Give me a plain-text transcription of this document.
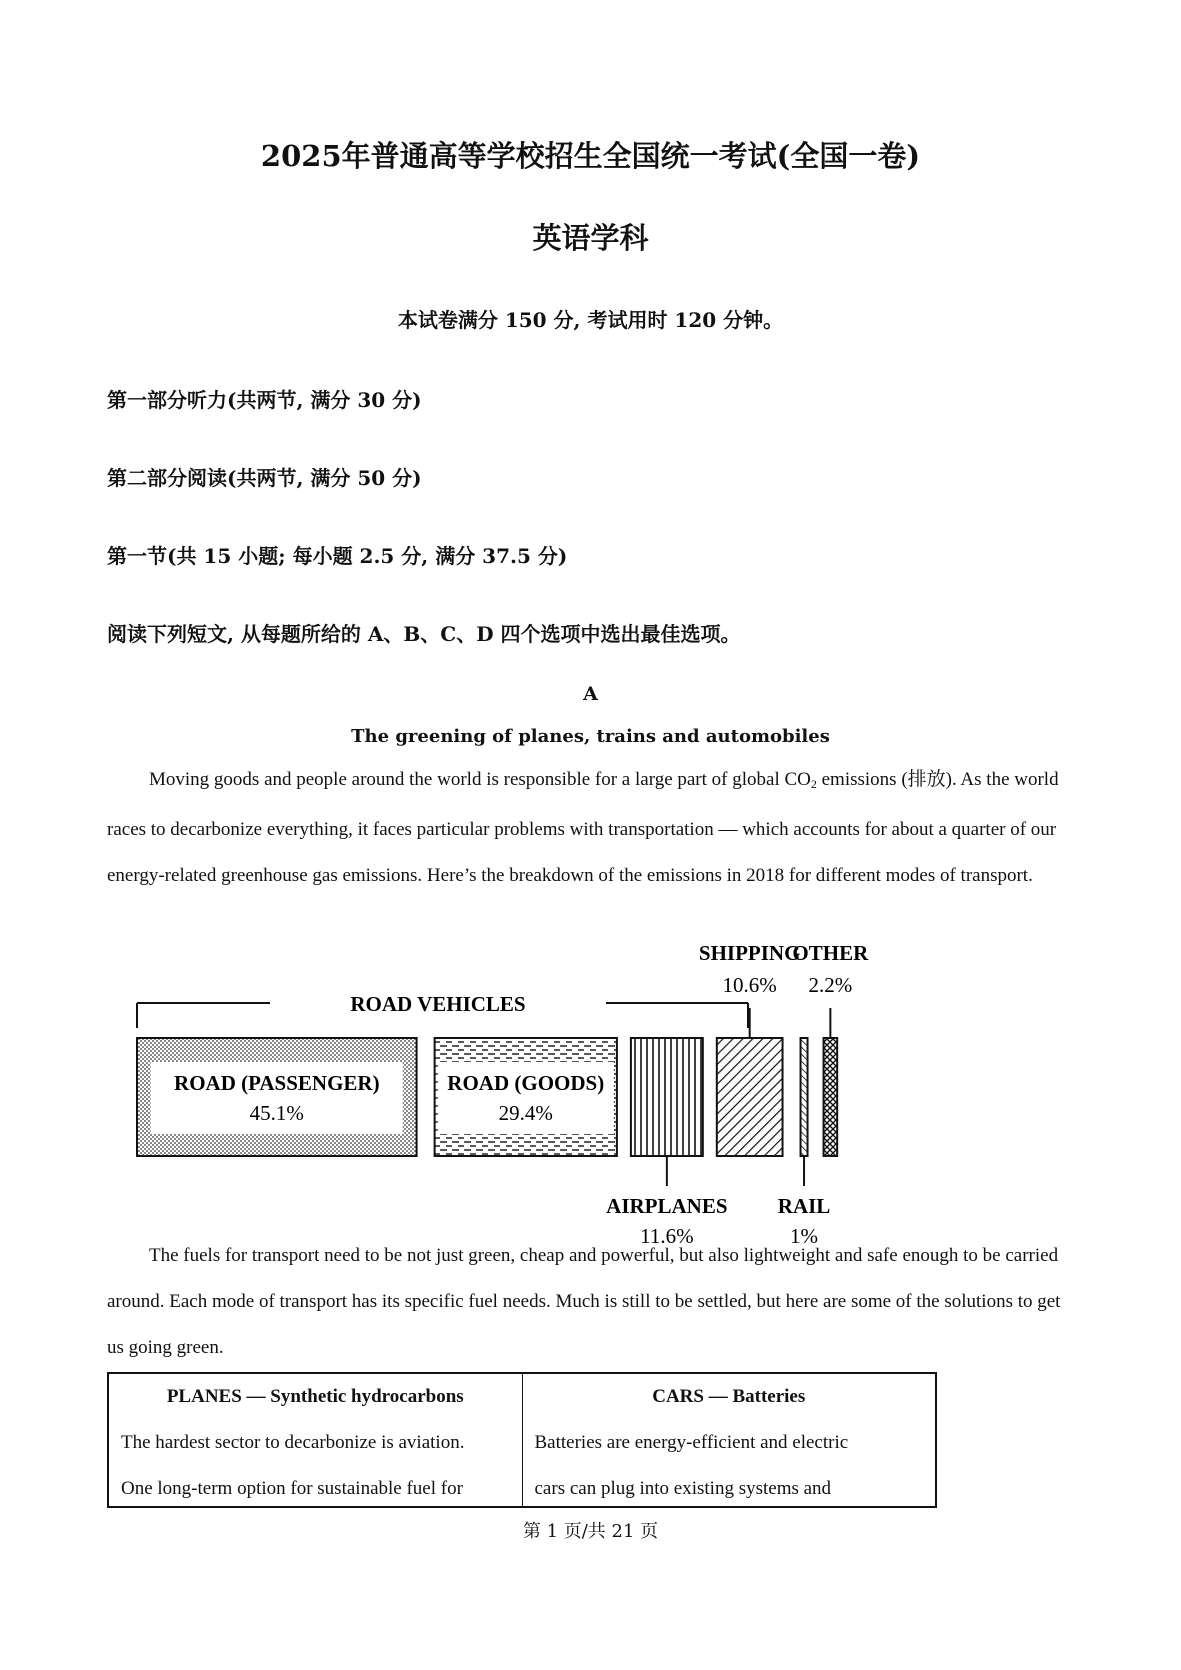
2025年普通高等学校招生全国统一考试(全国一卷)
英语学科
本试卷满分 150 分, 考试用时 120 分钟。
第一部分听力(共两节, 满分 30 分)
第二部分阅读(共两节, 满分 50 分)
第一节(共 15 小题; 每小题 2.5 分, 满分 37.5 分)
阅读下列短文, 从每题所给的 A、B、C、D 四个选项中选出最佳选项。
A
The greening of planes, trains and automobiles

Moving goods and people around the world is responsible for a large part of global $CO_2$ emissions (排放). As the world races to decarbonize everything, it faces particular problems with transportation — which accounts for about a quarter of our energy-related greenhouse gas emissions. Here’s the breakdown of the emissions in 2018 for different modes of transport.

ROAD VEHICLES
ROAD (PASSENGER)
45.1%
ROAD (GOODS)
29.4%
AIRPLANES
11.6%
SHIPPING
10.6%
RAIL
1%
OTHER
2.2%

The fuels for transport need to be not just green, cheap and powerful, but also lightweight and safe enough to be carried around. Each mode of transport has its specific fuel needs. Much is still to be settled, but here are some of the solutions to get us going green.

PLANES — Synthetic hydrocarbons
The hardest sector to decarbonize is aviation.
One long-term option for sustainable fuel for
CARS — Batteries
Batteries are energy-efficient and electric
cars can plug into existing systems and
第 1 页/共 21 页
